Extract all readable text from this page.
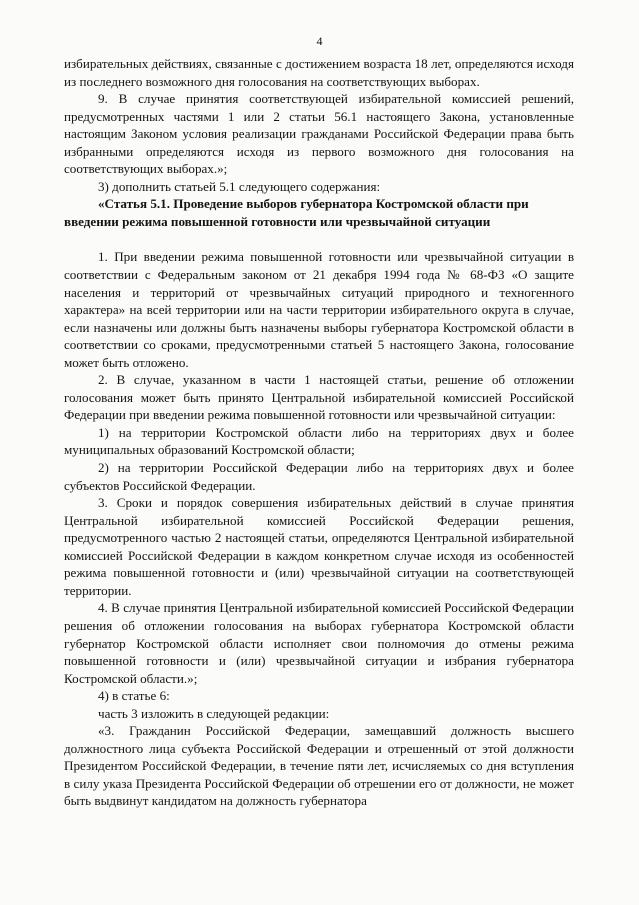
4

избирательных действиях, связанные с достижением возраста 18 лет, определяются исходя из последнего возможного дня голосования на соответствующих выборах.

9. В случае принятия соответствующей избирательной комиссией решений, предусмотренных частями 1 или 2 статьи 56.1 настоящего Закона, установленные настоящим Законом условия реализации гражданами Российской Федерации права быть избранными определяются исходя из первого возможного дня голосования на соответствующих выборах.»;

3) дополнить статьей 5.1 следующего содержания:

«Статья 5.1. Проведение выборов губернатора Костромской области при введении режима повышенной готовности или чрезвычайной ситуации

1. При введении режима повышенной готовности или чрезвычайной ситуации в соответствии с Федеральным законом от 21 декабря 1994 года № 68-ФЗ «О защите населения и территорий от чрезвычайных ситуаций природного и техногенного характера» на всей территории или на части территории избирательного округа в случае, если назначены или должны быть назначены выборы губернатора Костромской области в соответствии со сроками, предусмотренными статьей 5 настоящего Закона, голосование может быть отложено.

2. В случае, указанном в части 1 настоящей статьи, решение об отложении голосования может быть принято Центральной избирательной комиссией Российской Федерации при введении режима повышенной готовности или чрезвычайной ситуации:

1) на территории Костромской области либо на территориях двух и более муниципальных образований Костромской области;

2) на территории Российской Федерации либо на территориях двух и более субъектов Российской Федерации.

3. Сроки и порядок совершения избирательных действий в случае принятия Центральной избирательной комиссией Российской Федерации решения, предусмотренного частью 2 настоящей статьи, определяются Центральной избирательной комиссией Российской Федерации в каждом конкретном случае исходя из особенностей режима повышенной готовности и (или) чрезвычайной ситуации на соответствующей территории.

4. В случае принятия Центральной избирательной комиссией Российской Федерации решения об отложении голосования на выборах губернатора Костромской области губернатор Костромской области исполняет свои полномочия до отмены режима повышенной готовности и (или) чрезвычайной ситуации и избрания губернатора Костромской области.»;

4) в статье 6:

часть 3 изложить в следующей редакции:

«3. Гражданин Российской Федерации, замещавший должность высшего должностного лица субъекта Российской Федерации и отрешенный от этой должности Президентом Российской Федерации, в течение пяти лет, исчисляемых со дня вступления в силу указа Президента Российской Федерации об отрешении его от должности, не может быть выдвинут кандидатом на должность губернатора
